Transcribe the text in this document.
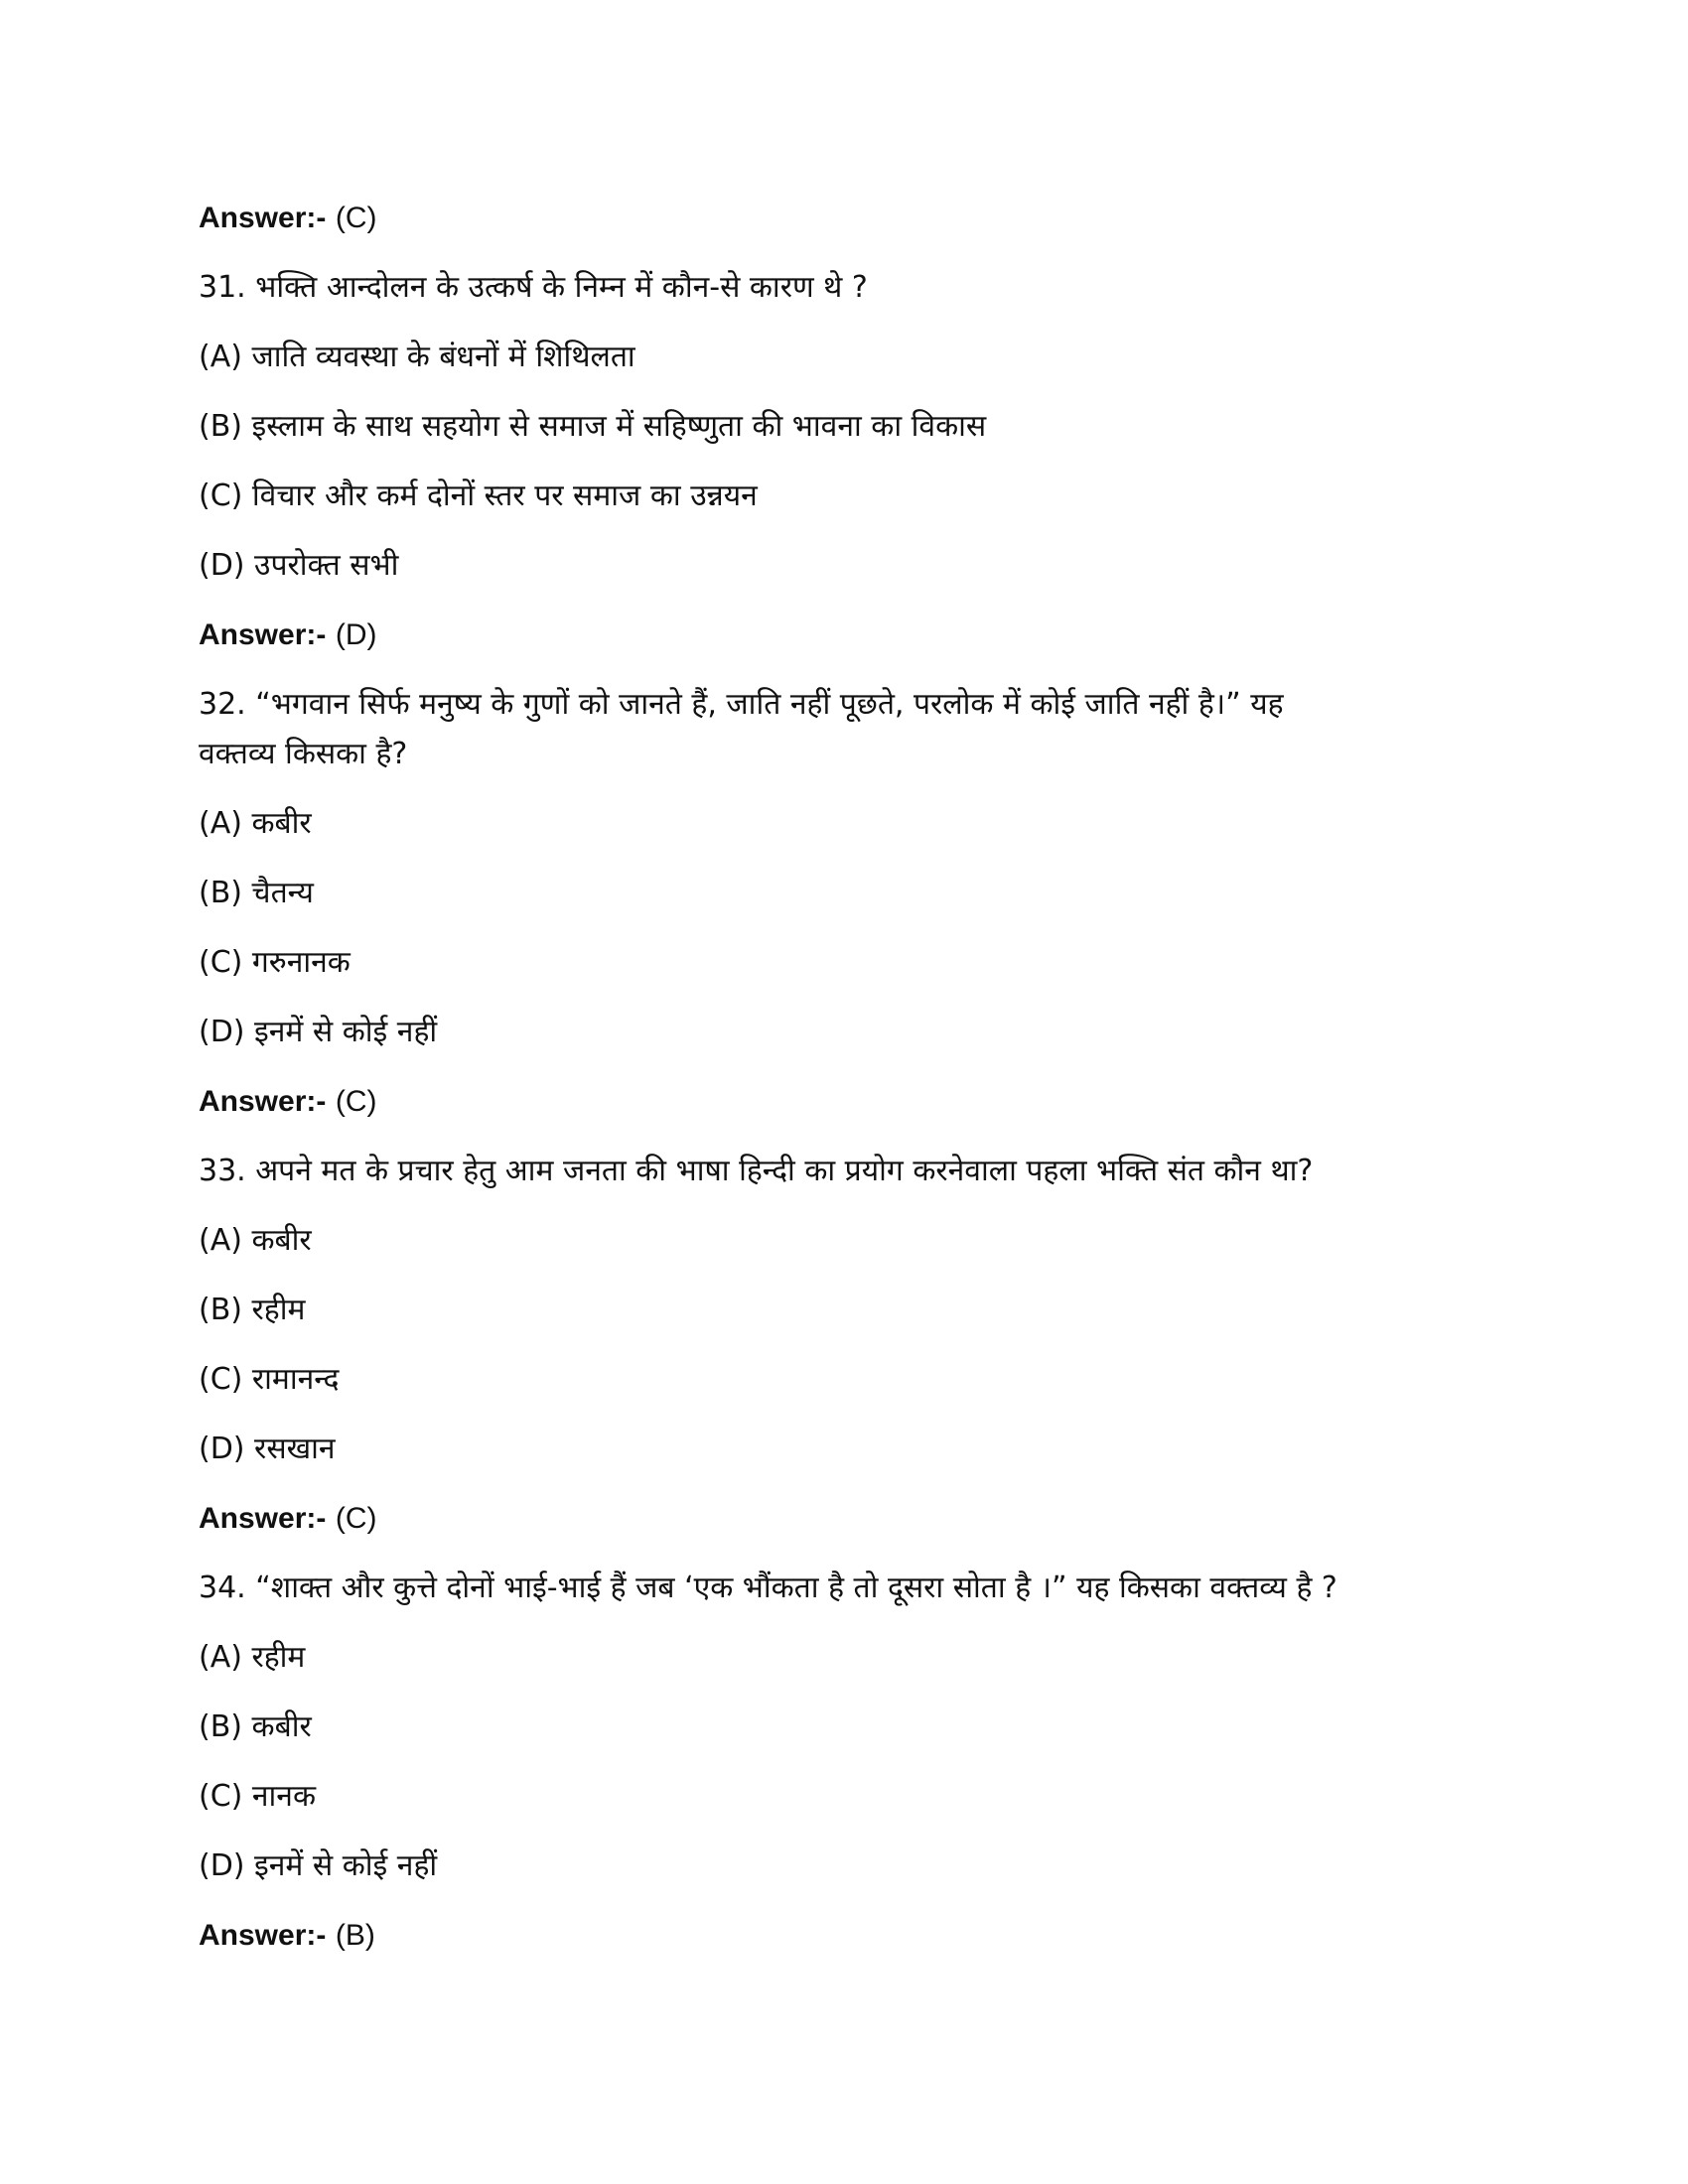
Answer:- (C)
31. भक्ति आन्दोलन के उत्कर्ष के निम्न में कौन-से कारण थे ?
(A) जाति व्यवस्था के बंधनों में शिथिलता
(B) इस्लाम के साथ सहयोग से समाज में सहिष्णुता की भावना का विकास
(C) विचार और कर्म दोनों स्तर पर समाज का उन्नयन
(D) उपरोक्त सभी
Answer:- (D)
32. “भगवान सिर्फ मनुष्य के गुणों को जानते हैं, जाति नहीं पूछते, परलोक में कोई जाति नहीं है।” यह
वक्तव्य किसका है?
(A) कबीर
(B) चैतन्य
(C) गरुनानक
(D) इनमें से कोई नहीं
Answer:- (C)
33. अपने मत के प्रचार हेतु आम जनता की भाषा हिन्दी का प्रयोग करनेवाला पहला भक्ति संत कौन था?
(A) कबीर
(B) रहीम
(C) रामानन्द
(D) रसखान
Answer:- (C)
34. “शाक्त और कुत्ते दोनों भाई-भाई हैं जब ‘एक भौंकता है तो दूसरा सोता है ।” यह किसका वक्तव्य है ?
(A) रहीम
(B) कबीर
(C) नानक
(D) इनमें से कोई नहीं
Answer:- (B)
